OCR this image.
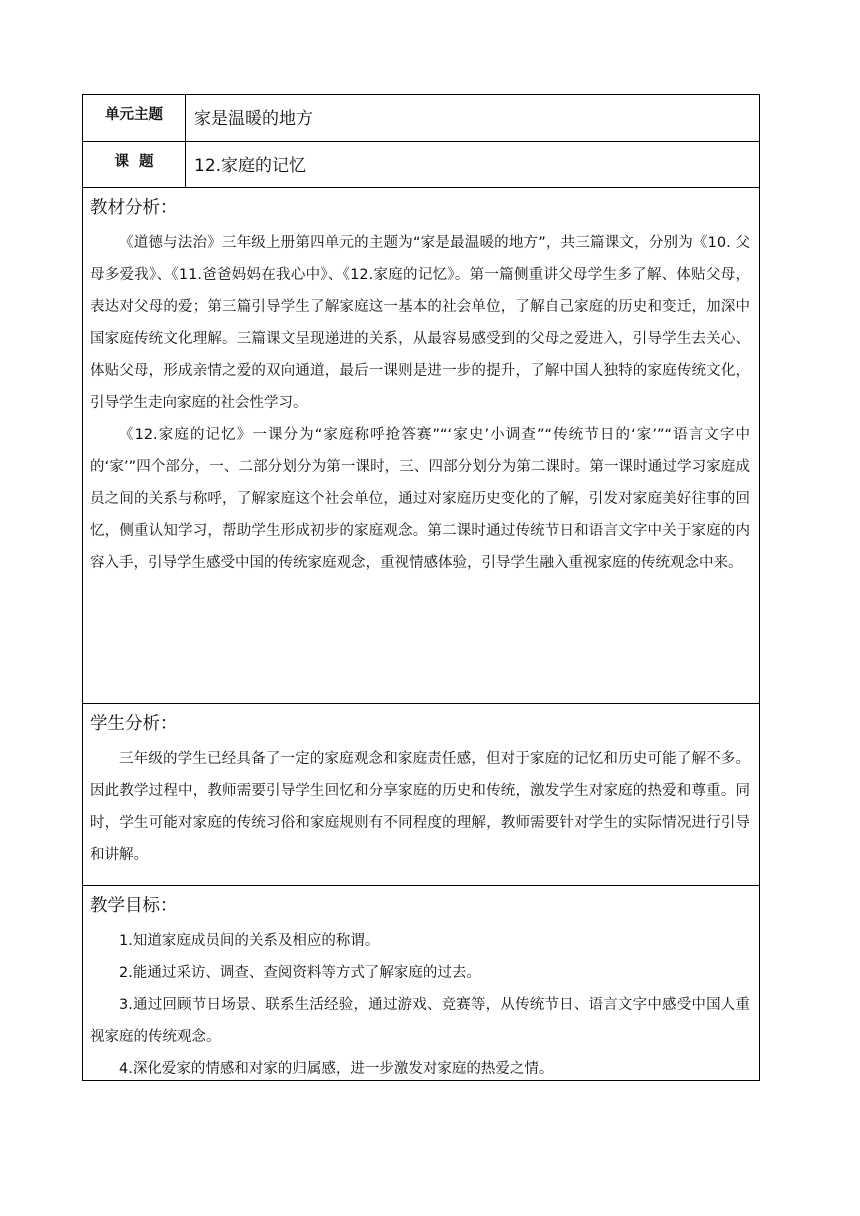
单元主题	家是温暖的地方
课  题	12.家庭的记忆
教材分析：

《道德与法治》三年级上册第四单元的主题为“家是最温暖的地方”，共三篇课文，分别为《10. 父母多爱我》、《11.爸爸妈妈在我心中》、《12.家庭的记忆》。第一篇侧重讲父母学生多了解、体贴父母，表达对父母的爱；第三篇引导学生了解家庭这一基本的社会单位，了解自己家庭的历史和变迁，加深中国家庭传统文化理解。三篇课文呈现递进的关系，从最容易感受到的父母之爱进入，引导学生去关心、体贴父母，形成亲情之爱的双向通道，最后一课则是进一步的提升，了解中国人独特的家庭传统文化，引导学生走向家庭的社会性学习。

《12.家庭的记忆》一课分为“家庭称呼抢答赛”“‘家史’小调查”“传统节日的‘家’”“语言文字中的‘家’”四个部分，一、二部分划分为第一课时，三、四部分划分为第二课时。第一课时通过学习家庭成员之间的关系与称呼，了解家庭这个社会单位，通过对家庭历史变化的了解，引发对家庭美好往事的回忆，侧重认知学习，帮助学生形成初步的家庭观念。第二课时通过传统节日和语言文字中关于家庭的内容入手，引导学生感受中国的传统家庭观念，重视情感体验，引导学生融入重视家庭的传统观念中来。

学生分析：

三年级的学生已经具备了一定的家庭观念和家庭责任感，但对于家庭的记忆和历史可能了解不多。因此教学过程中，教师需要引导学生回忆和分享家庭的历史和传统，激发学生对家庭的热爱和尊重。同时，学生可能对家庭的传统习俗和家庭规则有不同程度的理解，教师需要针对学生的实际情况进行引导和讲解。

教学目标：

1.知道家庭成员间的关系及相应的称谓。

2.能通过采访、调查、查阅资料等方式了解家庭的过去。

3.通过回顾节日场景、联系生活经验，通过游戏、竞赛等，从传统节日、语言文字中感受中国人重视家庭的传统观念。

4.深化爱家的情感和对家的归属感，进一步激发对家庭的热爱之情。
